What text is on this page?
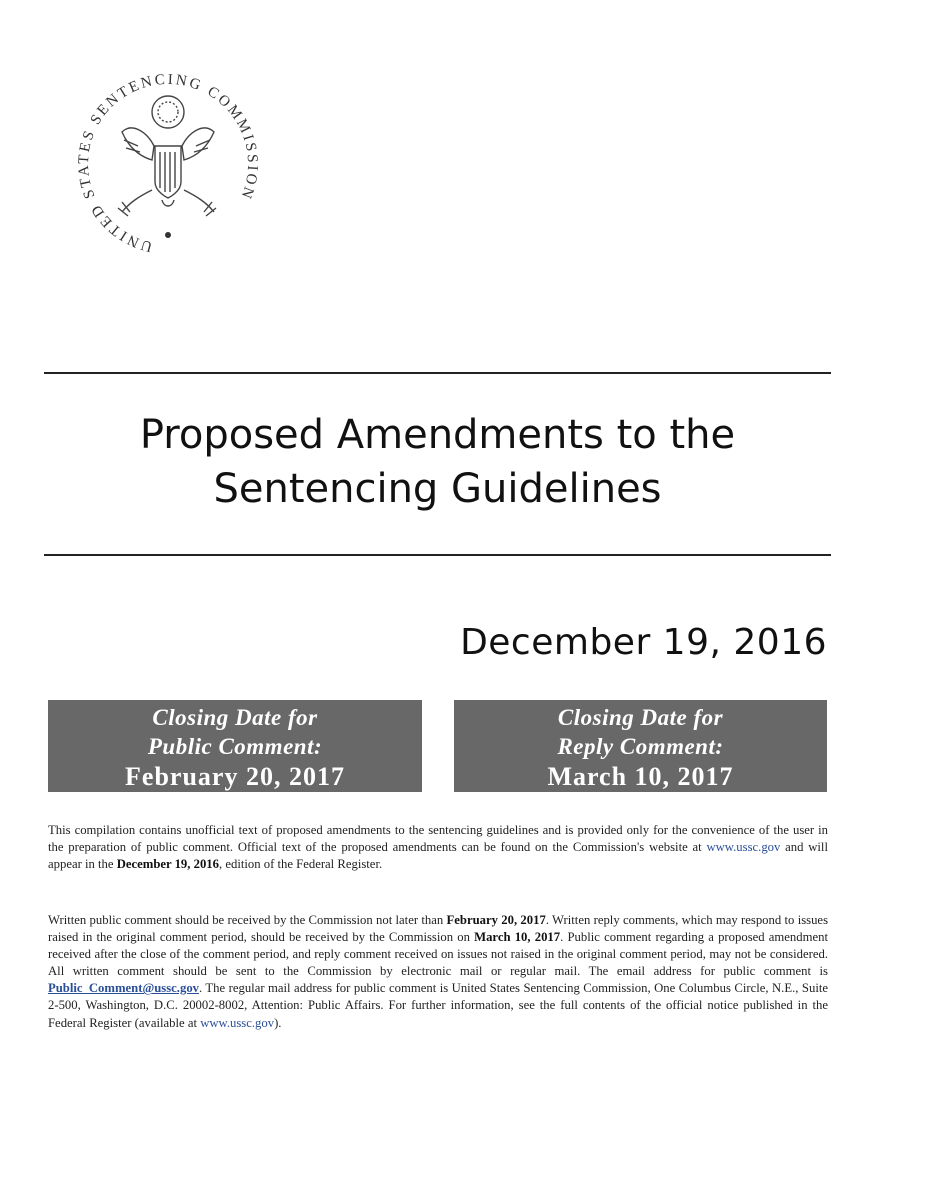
UNITED STATES SENTENCING COMMISSION
Proposed Amendments to the
Sentencing Guidelines
December 19, 2016
Closing Date for
Public Comment:
February 20, 2017
Closing Date for
Reply Comment:
March 10, 2017

This compilation contains unofficial text of proposed amendments to the sentencing guidelines and is provided only for the convenience of the user in the preparation of public comment. Official text of the proposed amendments can be found on the Commission's website at www.ussc.gov and will appear in the December 19, 2016, edition of the Federal Register.

Written public comment should be received by the Commission not later than February 20, 2017. Written reply comments, which may respond to issues raised in the original comment period, should be received by the Commission on March 10, 2017. Public comment regarding a proposed amendment received after the close of the comment period, and reply comment received on issues not raised in the original comment period, may not be considered. All written comment should be sent to the Commission by electronic mail or regular mail. The email address for public comment is Public_Comment@ussc.gov. The regular mail address for public comment is United States Sentencing Commission, One Columbus Circle, N.E., Suite 2-500, Washington, D.C. 20002-8002, Attention: Public Affairs. For further information, see the full contents of the official notice published in the Federal Register (available at www.ussc.gov).
